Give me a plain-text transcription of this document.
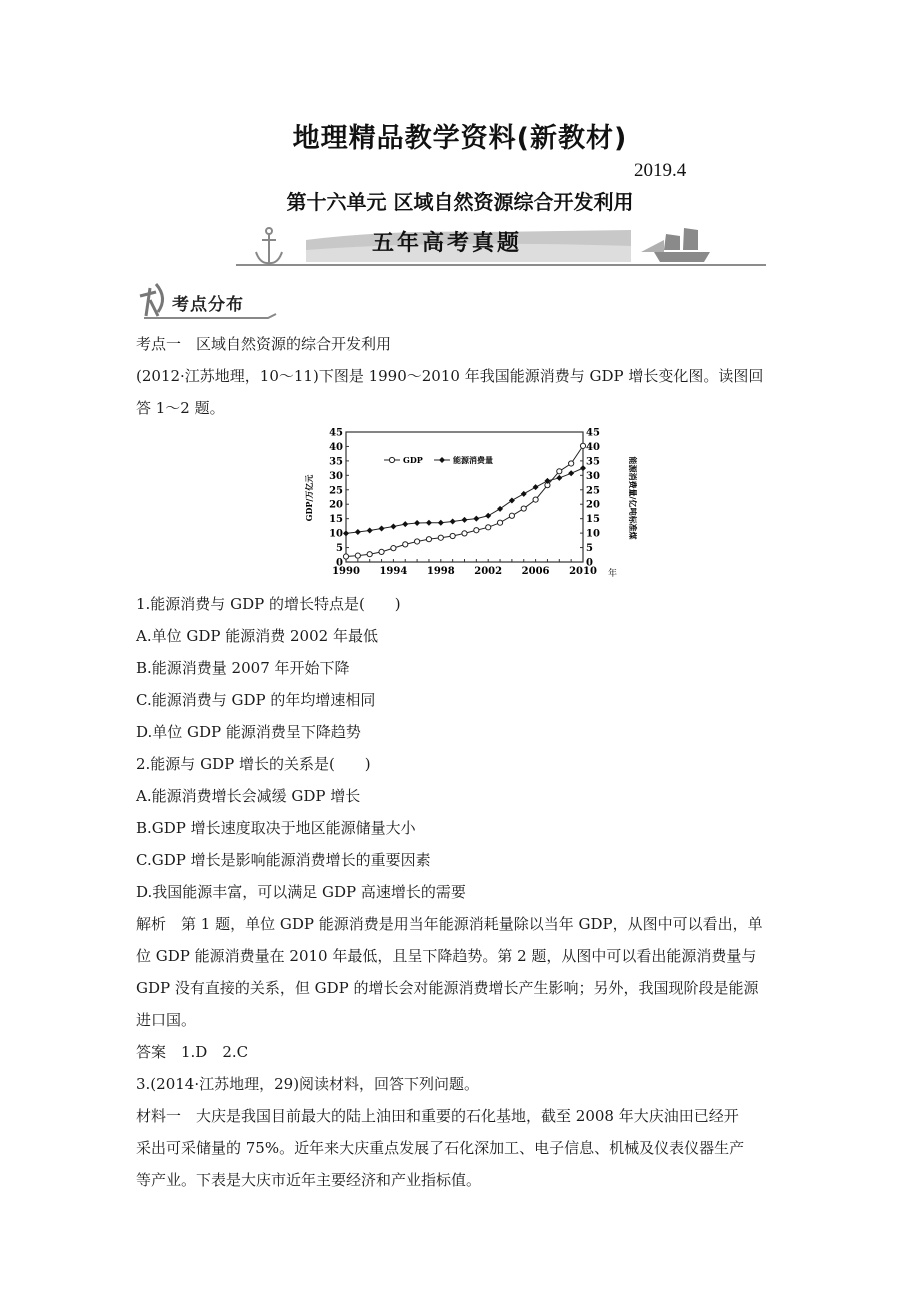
地理精品教学资料(新教材)
2019.4
第十六单元 区域自然资源综合开发利用
五年高考真题
考点分布
考点一　区域自然资源的综合开发利用
(2012·江苏地理，10～11)下图是 1990～2010 年我国能源消费与 GDP 增长变化图。读图回
答 1～2 题。
0	0
5	5
10	10
15	15
20	20
25	25
30	30
35	35
40	40
45	45
1990 1994 1998 2002 2006 2010
GDP/万亿元	能源消费量/亿吨标准煤
年
GDP	能源消费量
1.能源消费与 GDP 的增长特点是(　　)
A.单位 GDP 能源消费 2002 年最低
B.能源消费量 2007 年开始下降
C.能源消费与 GDP 的年均增速相同
D.单位 GDP 能源消费呈下降趋势
2.能源与 GDP 增长的关系是(　　)
A.能源消费增长会减缓 GDP 增长
B.GDP 增长速度取决于地区能源储量大小
C.GDP 增长是影响能源消费增长的重要因素
D.我国能源丰富，可以满足 GDP 高速增长的需要
解析　第 1 题，单位 GDP 能源消费是用当年能源消耗量除以当年 GDP，从图中可以看出，单
位 GDP 能源消费量在 2010 年最低，且呈下降趋势。第 2 题，从图中可以看出能源消费量与
GDP 没有直接的关系，但 GDP 的增长会对能源消费增长产生影响；另外，我国现阶段是能源
进口国。
答案　1.D　2.C
3.(2014·江苏地理，29)阅读材料，回答下列问题。
材料一　大庆是我国目前最大的陆上油田和重要的石化基地，截至 2008 年大庆油田已经开
采出可采储量的 75%。近年来大庆重点发展了石化深加工、电子信息、机械及仪表仪器生产
等产业。下表是大庆市近年主要经济和产业指标值。
